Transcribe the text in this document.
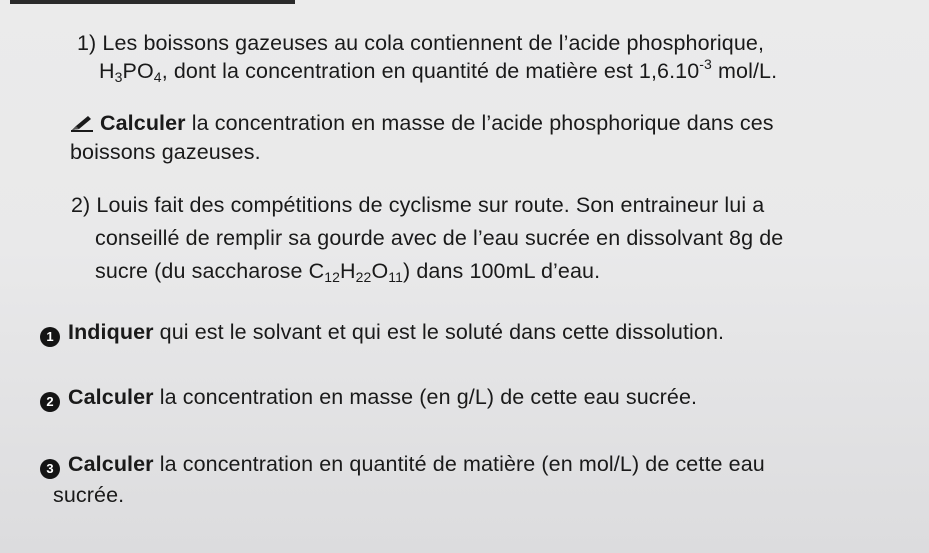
1) Les boissons gazeuses au cola contiennent de l’acide phosphorique,
$H_3PO_4$, dont la concentration en quantité de matière est $1,6.10^{-3}$ mol/L.
Calculer la concentration en masse de l’acide phosphorique dans ces
boissons gazeuses.
2) Louis fait des compétitions de cyclisme sur route. Son entraineur lui a
conseillé de remplir sa gourde avec de l’eau sucrée en dissolvant 8g de
sucre (du saccharose $C_{12}H_{22}O_{11}$) dans 100mL d’eau.
1 Indiquer qui est le solvant et qui est le soluté dans cette dissolution.
2 Calculer la concentration en masse (en g/L) de cette eau sucrée.
3 Calculer la concentration en quantité de matière (en mol/L) de cette eau
sucrée.
